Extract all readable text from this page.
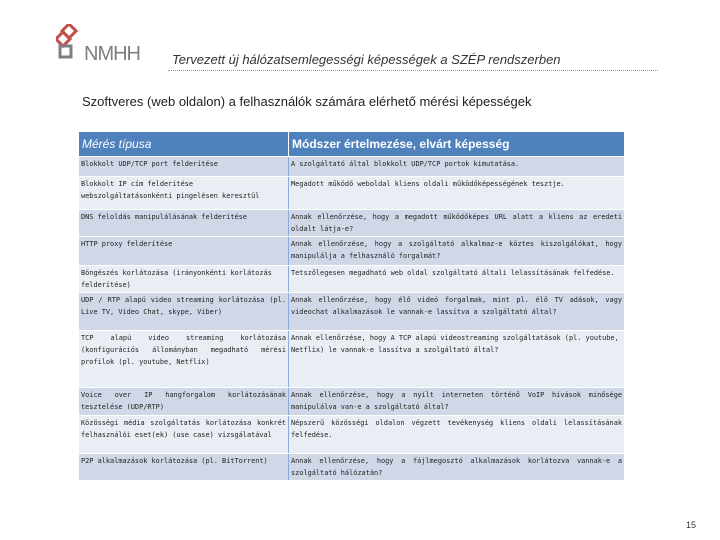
NMHH Tervezett új hálózatsemlegességi képességek a SZÉP rendszerben
Szoftveres (web oldalon) a felhasználók számára elérhető mérési képességek
Mérés típusa	Módszer értelmezése, elvárt képesség
Blokkolt UDP/TCP port felderítése	A szolgáltató által blokkolt UDP/TCP portok kimutatása.
Blokkolt IP cím felderítése webszolgáltatásonkénti pingelésen keresztül	Megadott működő weboldal kliens oldali működőképességének tesztje.
DNS feloldás manipulálásának felderítése	Annak ellenőrzése, hogy a megadott működőképes URL alatt a kliens az eredeti oldalt látja-e?
HTTP proxy felderítése	Annak ellenőrzése, hogy a szolgáltató alkalmaz-e köztes kiszolgálókat, hogy manipulálja a felhasználó forgalmát?
Böngészés korlátozása (irányonkénti korlátozás felderítése)	Tetszőlegesen megadható web oldal szolgáltató általi lelassításának felfedése.
UDP / RTP alapú video streaming korlátozása (pl. Live TV, Video Chat, skype, Viber)	Annak ellenőrzése, hogy élő videó forgalmak, mint pl. élő TV adások, vagy videochat alkalmazások le vannak-e lassítva a szolgáltató által?
TCP alapú video streaming korlátozása (konfigurációs állományban megadható mérési profilok (pl. youtube, Netflix)	Annak ellenőrzése, hogy A TCP alapú videostreaming szolgáltatások (pl. youtube, Netflix) le vannak-e lassítva a szolgáltató által?
Voice over IP hangforgalom korlátozásának tesztelése (UDP/RTP)	Annak ellenőrzése, hogy a nyílt interneten történő VoIP hívások minősége manipulálva van-e a szolgáltató által?
Közösségi média szolgáltatás korlátozása konkrét felhasználói eset(ek) (use case) vizsgálatával	Népszerű közösségi oldalon végzett tevékenység kliens oldali lelassításának felfedése.
P2P alkalmazások korlátozása (pl. BitTorrent)	Annak ellenőrzése, hogy a fájlmegosztó alkalmazások korlátozva vannak-e a szolgáltató hálózatán?
15
